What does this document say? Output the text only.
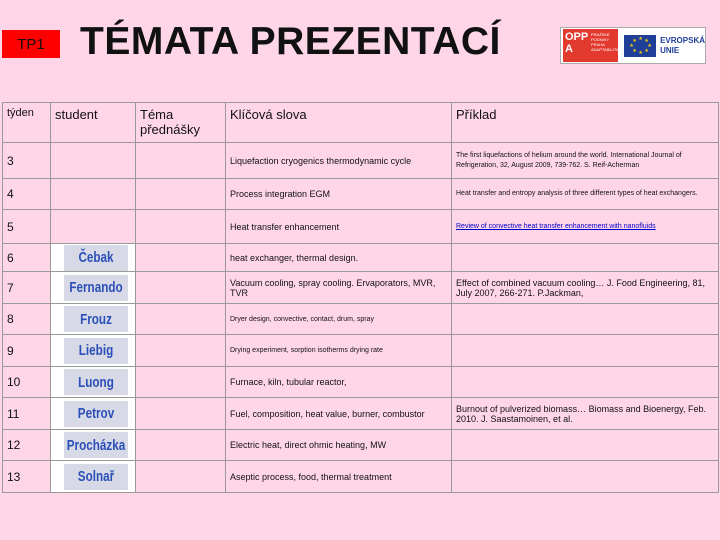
TP1 TÉMATA PREZENTACÍ	OPP
A
PRAŽSKÉ
PODNIKY
PRAHA
ADAPTABILITA
★ ★
★
★
★
★
★
★	EVROPSKÁ
UNIE
týden	student	Téma přednášky	Klíčová slova	Příklad
3			Liquefaction cryogenics thermodynamic cycle	The first liquefactions of helium around the world. International Journal of Refrigeration, 32, August 2009, 739-762. S. Reif-Acherman
4			Process integration EGM	Heat transfer and entropy analysis of three different types of heat exchangers.
5			Heat transfer enhancement	Review of convective heat transfer enhancement with nanofluids
6	Čebak		heat exchanger, thermal design.	
7	Fernando		Vacuum cooling, spray cooling. Ervaporators, MVR, TVR	Effect of combined vacuum cooling… J. Food Engineering, 81, July 2007, 266-271. P.Jackman,
8	Frouz		Dryer design, convective, contact, drum, spray	
9	Liebig		Drying experiment, sorption isotherms drying rate	
10	Luong		Furnace, kiln, tubular reactor,	
11	Petrov		Fuel, composition, heat value, burner, combustor	Burnout of pulverized biomass… Biomass and Bioenergy, Feb. 2010. J. Saastamoinen, et al.
12	Procházka		Electric heat, direct ohmic heating, MW	
13	Solnař		Aseptic process, food, thermal treatment	
